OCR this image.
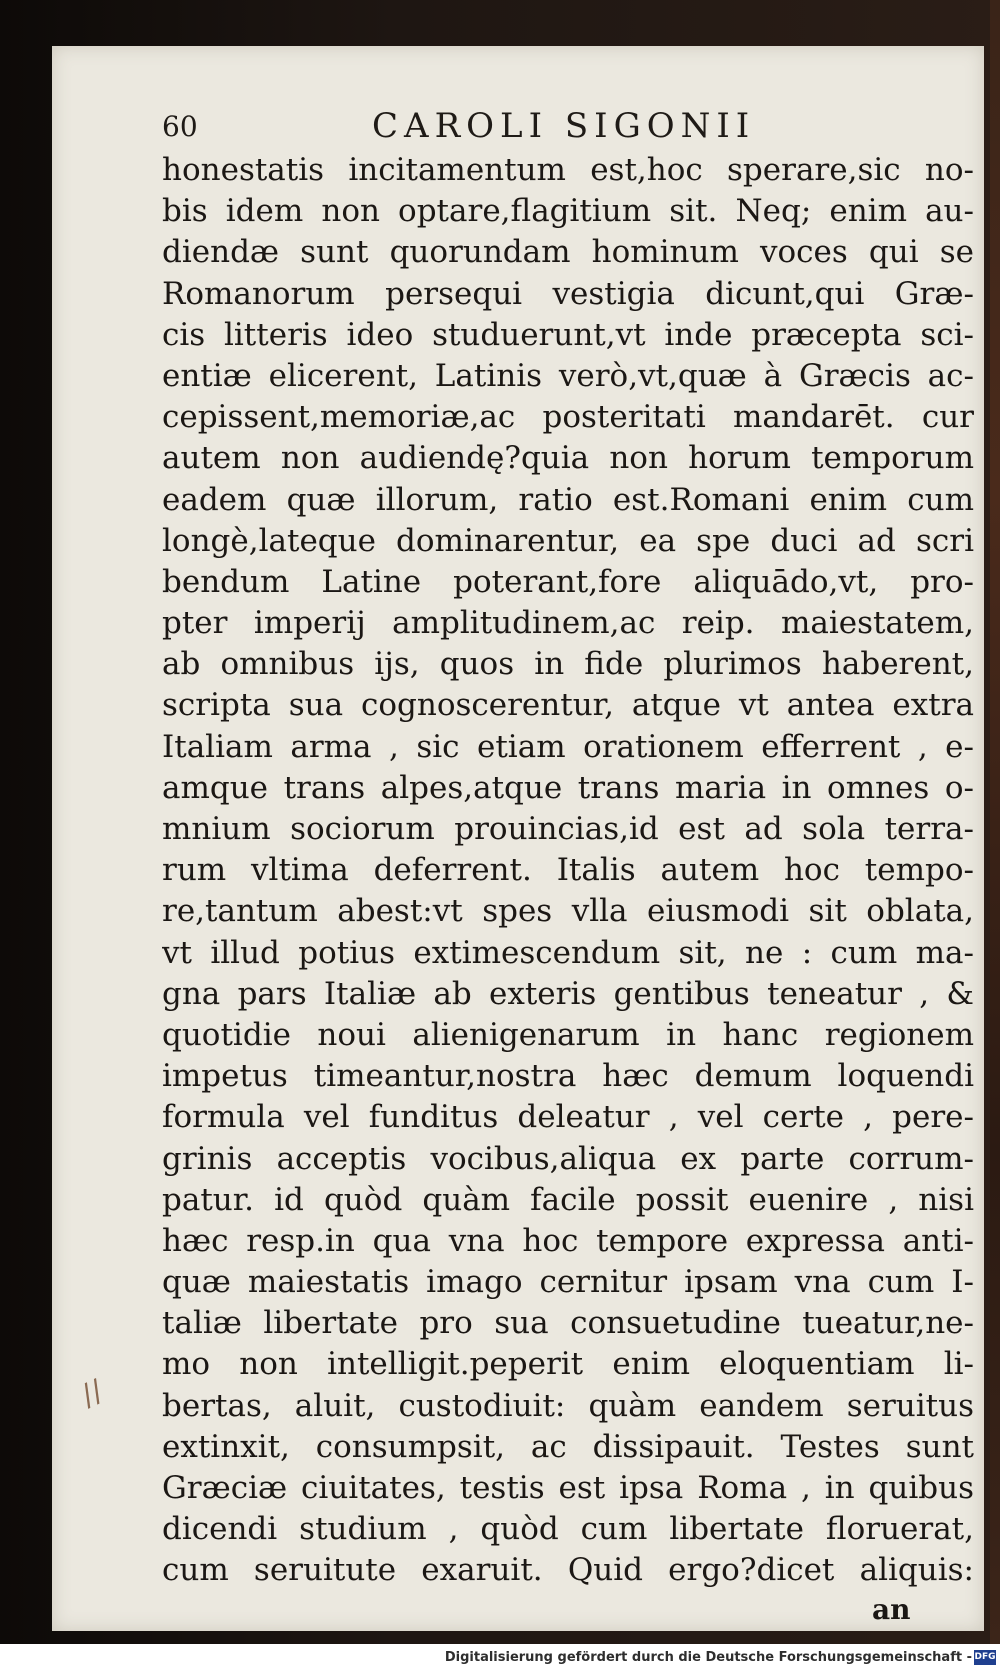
60	CAROLI SIGONII
honestatis incitamentum est,hoc sperare,sic no-
bis idem non optare,flagitium sit. Neq; enim au-
diendæ sunt quorundam hominum voces qui se
Romanorum persequi vestigia dicunt,qui Græ-
cis litteris ideo studuerunt,vt inde præcepta sci-
entiæ elicerent, Latinis verò,vt,quæ à Græcis ac-
cepissent,memoriæ,ac posteritati mandarēt. cur
autem non audiendę?quia non horum temporum
eadem quæ illorum, ratio est.Romani enim cum
longè,lateque dominarentur, ea spe duci ad scri
bendum Latine poterant,fore aliquādo,vt, pro-
pter imperij amplitudinem,ac reip. maiestatem,
ab omnibus ijs, quos in fide plurimos haberent,
scripta sua cognoscerentur, atque vt antea extra
Italiam arma , sic etiam orationem efferrent , e-
amque trans alpes,atque trans maria in omnes o-
mnium sociorum prouincias,id est ad sola terra-
rum vltima deferrent. Italis autem hoc tempo-
re,tantum abest:vt spes vlla eiusmodi sit oblata,
vt illud potius extimescendum sit, ne : cum ma-
gna pars Italiæ ab exteris gentibus teneatur , &
quotidie noui alienigenarum in hanc regionem
impetus timeantur,nostra hæc demum loquendi
formula vel funditus deleatur , vel certe , pere-
grinis acceptis vocibus,aliqua ex parte corrum-
patur. id quòd quàm facile possit euenire , nisi
hæc resp.in qua vna hoc tempore expressa anti-
quæ maiestatis imago cernitur ipsam vna cum I-
taliæ libertate pro sua consuetudine tueatur,ne-
mo non intelligit.peperit enim eloquentiam li-
bertas, aluit, custodiuit: quàm eandem seruitus
extinxit, consumpsit, ac dissipauit. Testes sunt
Græciæ ciuitates, testis est ipsa Roma , in quibus
dicendi studium , quòd cum libertate floruerat,
cum seruitute exaruit. Quid ergo?dicet aliquis:
//
an
Digitalisierung gefördert durch die Deutsche Forschungsgemeinschaft - DFG
